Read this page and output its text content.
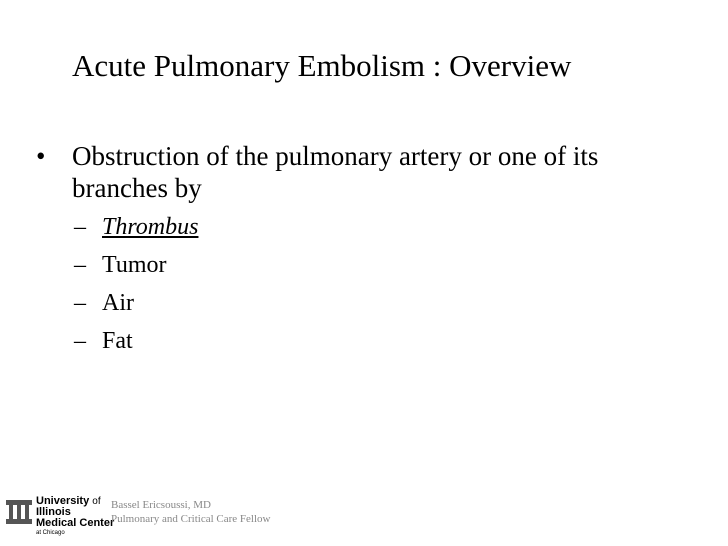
Acute Pulmonary Embolism : Overview
• Obstruction of the pulmonary artery or one of its branches by
– Thrombus
– Tumor
– Air
– Fat
University of
Illinois
Medical Center
at Chicago
Bassel Ericsoussi, MD
Pulmonary and Critical Care Fellow
